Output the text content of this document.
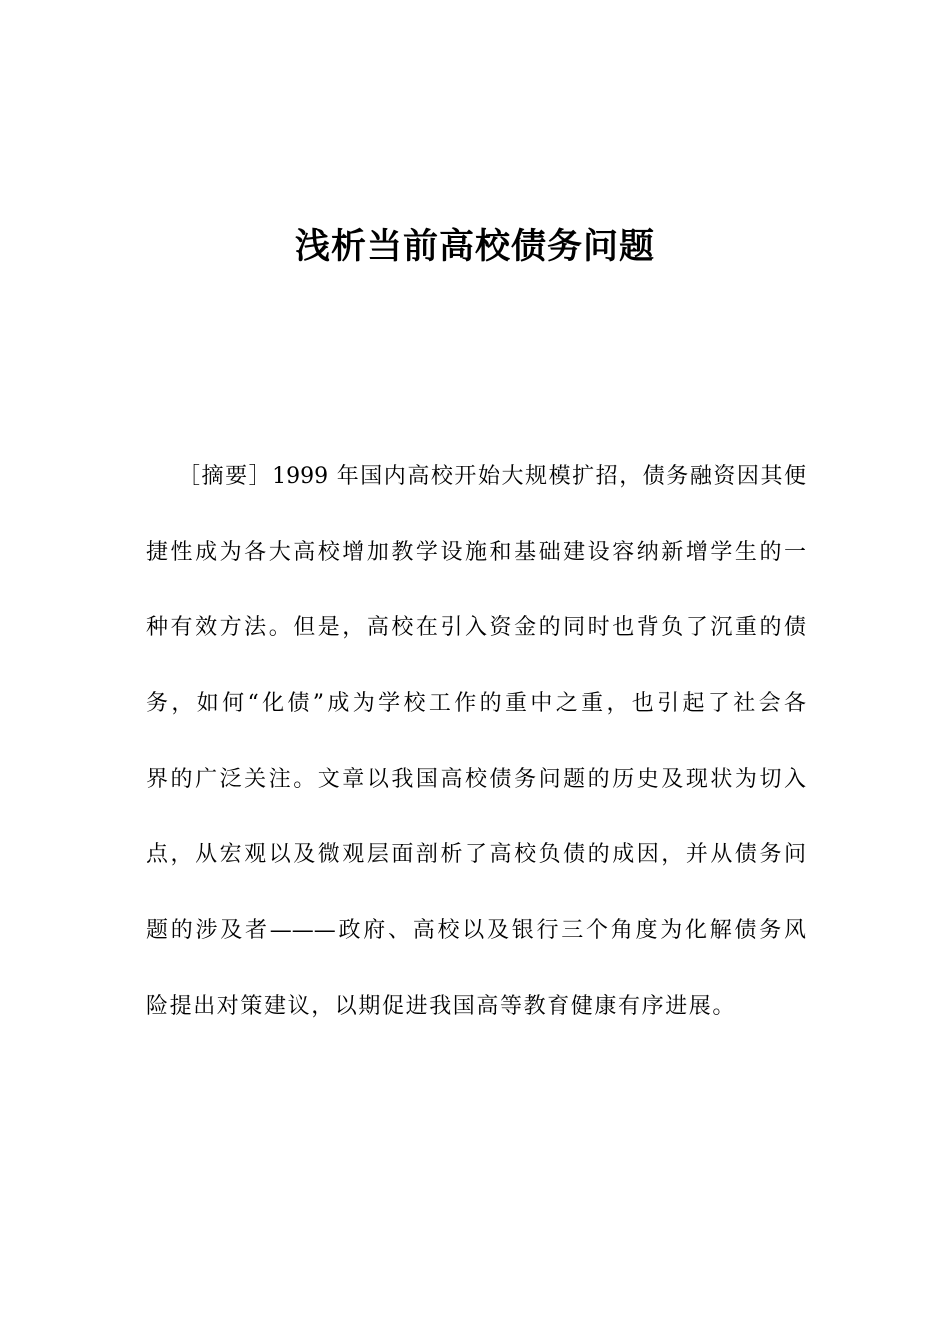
浅析当前高校债务问题
［摘要］1999 年国内高校开始大规模扩招，债务融资因其便
捷性成为各大高校增加教学设施和基础建设容纳新增学生的一
种有效方法。但是，高校在引入资金的同时也背负了沉重的债
务，如何“化债”成为学校工作的重中之重，也引起了社会各
界的广泛关注。文章以我国高校债务问题的历史及现状为切入
点，从宏观以及微观层面剖析了高校负债的成因，并从债务问
题的涉及者———政府、高校以及银行三个角度为化解债务风
险提出对策建议，以期促进我国高等教育健康有序进展。
